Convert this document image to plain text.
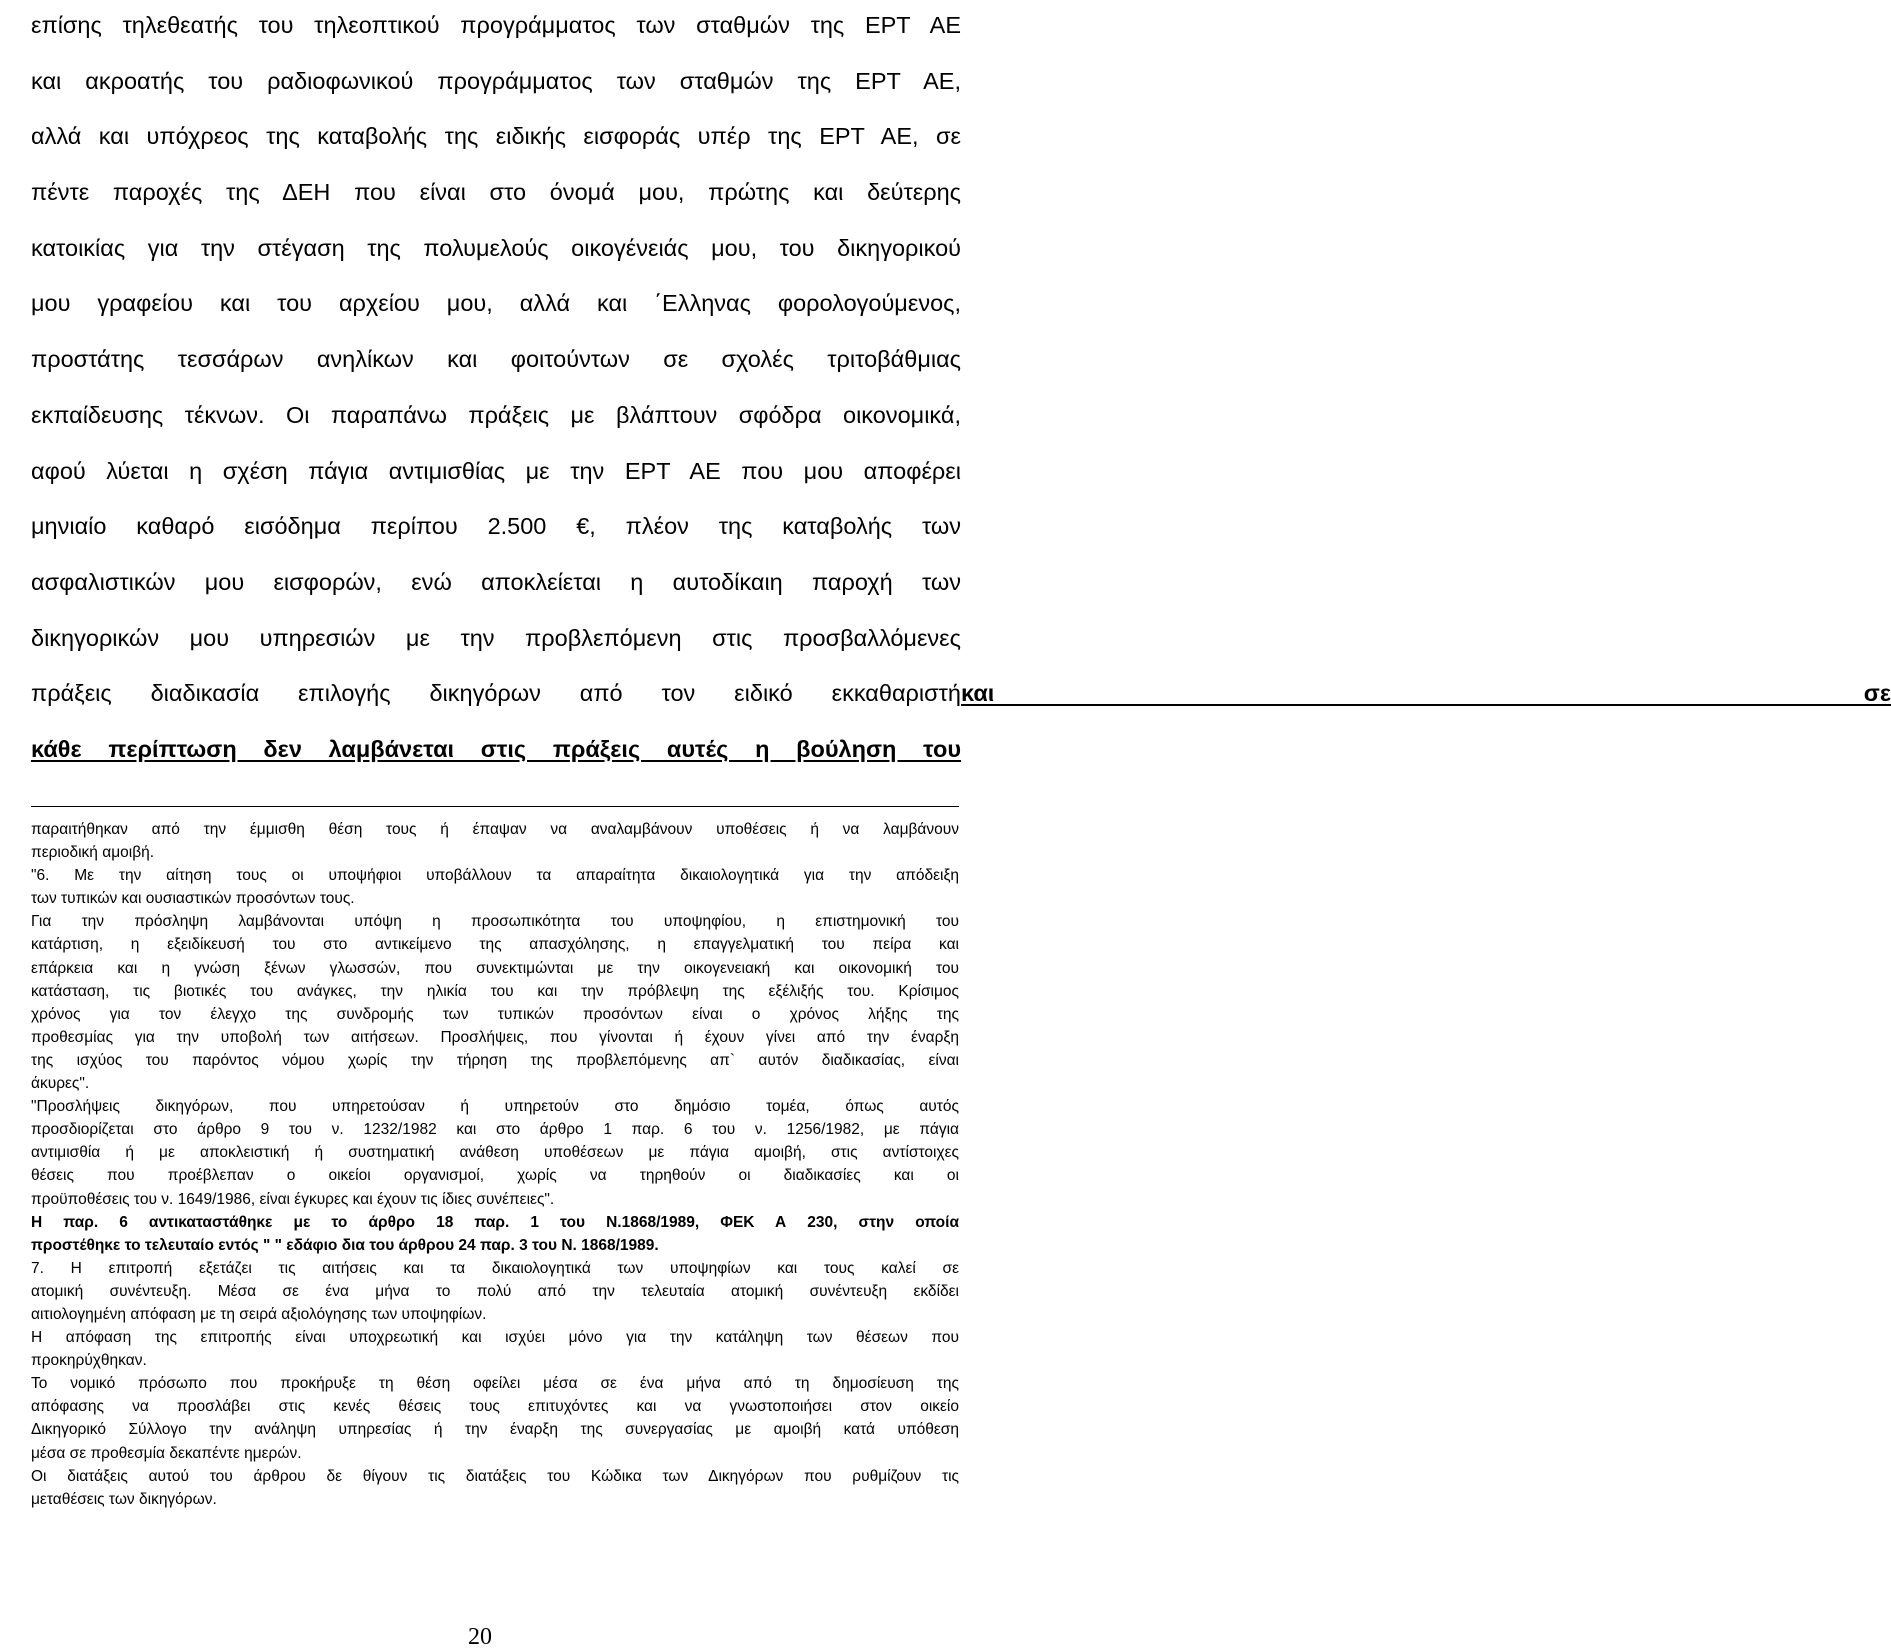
επίσης τηλεθεατής του τηλεοπτικού προγράμματος των σταθμών της ΕΡΤ ΑΕ
και ακροατής του ραδιοφωνικού προγράμματος των σταθμών της ΕΡΤ ΑΕ,
αλλά και υπόχρεος της καταβολής της ειδικής εισφοράς υπέρ της ΕΡΤ ΑΕ, σε
πέντε παροχές της ΔΕΗ που είναι στο όνομά μου, πρώτης και δεύτερης
κατοικίας για την στέγαση της πολυμελούς οικογένειάς μου, του δικηγορικού
μου γραφείου και του αρχείου μου, αλλά και ΄Ελληνας φορολογούμενος,
προστάτης τεσσάρων ανηλίκων και φοιτούντων σε σχολές τριτοβάθμιας
εκπαίδευσης τέκνων. Οι παραπάνω πράξεις με βλάπτουν σφόδρα οικονομικά,
αφού λύεται η σχέση πάγια αντιμισθίας με την ΕΡΤ ΑΕ που μου αποφέρει
μηνιαίο καθαρό εισόδημα περίπου 2.500 €, πλέον της καταβολής των
ασφαλιστικών μου εισφορών, ενώ αποκλείεται η αυτοδίκαιη παροχή των
δικηγορικών μου υπηρεσιών με την προβλεπόμενη στις προσβαλλόμενες
πράξεις διαδικασία επιλογής δικηγόρων από τον ειδικό εκκαθαριστήκαι σε
κάθε περίπτωση δεν λαμβάνεται στις πράξεις αυτές η βούληση του
παραιτήθηκαν από την έμμισθη θέση τους ή έπαψαν να αναλαμβάνουν υποθέσεις ή να λαμβάνουν
περιοδική αμοιβή.
"6. Με την αίτηση τους οι υποψήφιοι υποβάλλουν τα απαραίτητα δικαιολογητικά για την απόδειξη
των τυπικών και ουσιαστικών προσόντων τους.
Για την πρόσληψη λαμβάνονται υπόψη η προσωπικότητα του υποψηφίου, η επιστημονική του
κατάρτιση, η εξειδίκευσή του στο αντικείμενο της απασχόλησης, η επαγγελματική του πείρα και
επάρκεια και η γνώση ξένων γλωσσών, που συνεκτιμώνται με την οικογενειακή και οικονομική του
κατάσταση, τις βιοτικές του ανάγκες, την ηλικία του και την πρόβλεψη της εξέλιξής του. Κρίσιμος
χρόνος για τον έλεγχο της συνδρομής των τυπικών προσόντων είναι ο χρόνος λήξης της
προθεσμίας για την υποβολή των αιτήσεων. Προσλήψεις, που γίνονται ή έχουν γίνει από την έναρξη
της ισχύος του παρόντος νόμου χωρίς την τήρηση της προβλεπόμενης απ` αυτόν διαδικασίας, είναι
άκυρες".
"Προσλήψεις δικηγόρων, που υπηρετούσαν ή υπηρετούν στο δημόσιο τομέα, όπως αυτός
προσδιορίζεται στο άρθρο 9 του ν. 1232/1982 και στο άρθρο 1 παρ. 6 του ν. 1256/1982, με πάγια
αντιμισθία ή με αποκλειστική ή συστηματική ανάθεση υποθέσεων με πάγια αμοιβή, στις αντίστοιχες
θέσεις που προέβλεπαν ο οικείοι οργανισμοί, χωρίς να τηρηθούν οι διαδικασίες και οι
προϋποθέσεις του ν. 1649/1986, είναι έγκυρες και έχουν τις ίδιες συνέπειες".
Η παρ. 6 αντικαταστάθηκε με το άρθρο 18 παρ. 1 του Ν.1868/1989, ΦΕΚ Α 230, στην οποία
προστέθηκε το τελευταίο εντός " " εδάφιο δια του άρθρου 24 παρ. 3 του Ν. 1868/1989.
7. Η επιτροπή εξετάζει τις αιτήσεις και τα δικαιολογητικά των υποψηφίων και τους καλεί σε
ατομική συνέντευξη. Μέσα σε ένα μήνα το πολύ από την τελευταία ατομική συνέντευξη εκδίδει
αιτιολογημένη απόφαση με τη σειρά αξιολόγησης των υποψηφίων.
Η απόφαση της επιτροπής είναι υποχρεωτική και ισχύει μόνο για την κατάληψη των θέσεων που
προκηρύχθηκαν.
Το νομικό πρόσωπο που προκήρυξε τη θέση οφείλει μέσα σε ένα μήνα από τη δημοσίευση της
απόφασης να προσλάβει στις κενές θέσεις τους επιτυχόντες και να γνωστοποιήσει στον οικείο
Δικηγορικό Σύλλογο την ανάληψη υπηρεσίας ή την έναρξη της συνεργασίας με αμοιβή κατά υπόθεση
μέσα σε προθεσμία δεκαπέντε ημερών.
Οι διατάξεις αυτού του άρθρου δε θίγουν τις διατάξεις του Κώδικα των Δικηγόρων που ρυθμίζουν τις
μεταθέσεις των δικηγόρων.
20
